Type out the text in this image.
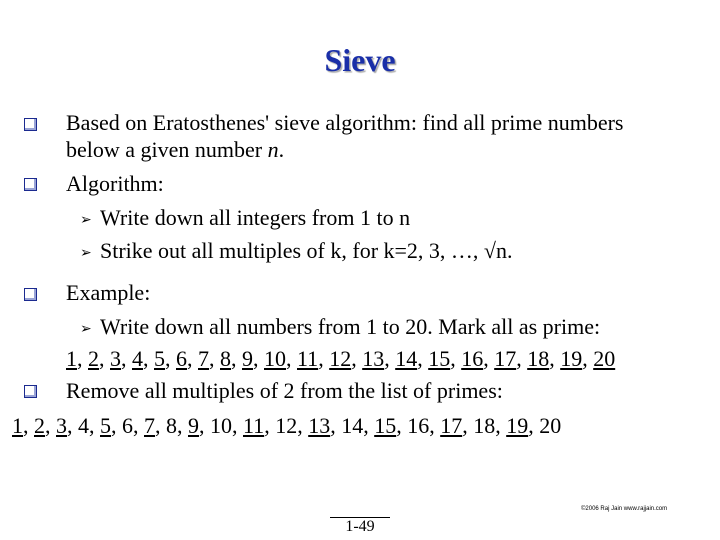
Sieve
Based on Eratosthenes' sieve algorithm: find all prime numbers
below a given number n.
Algorithm:
➢ Write down all integers from 1 to n
➢ Strike out all multiples of k, for k=2, 3, …, √n.
Example:
➢ Write down all numbers from 1 to 20. Mark all as prime:
1, 2, 3, 4, 5, 6, 7, 8, 9, 10, 11, 12, 13, 14, 15, 16, 17, 18, 19, 20
Remove all multiples of 2 from the list of primes:
1, 2, 3, 4, 5, 6, 7, 8, 9, 10, 11, 12, 13, 14, 15, 16, 17, 18, 19, 20
©2006 Raj Jain www.rajjain.com
1-49
